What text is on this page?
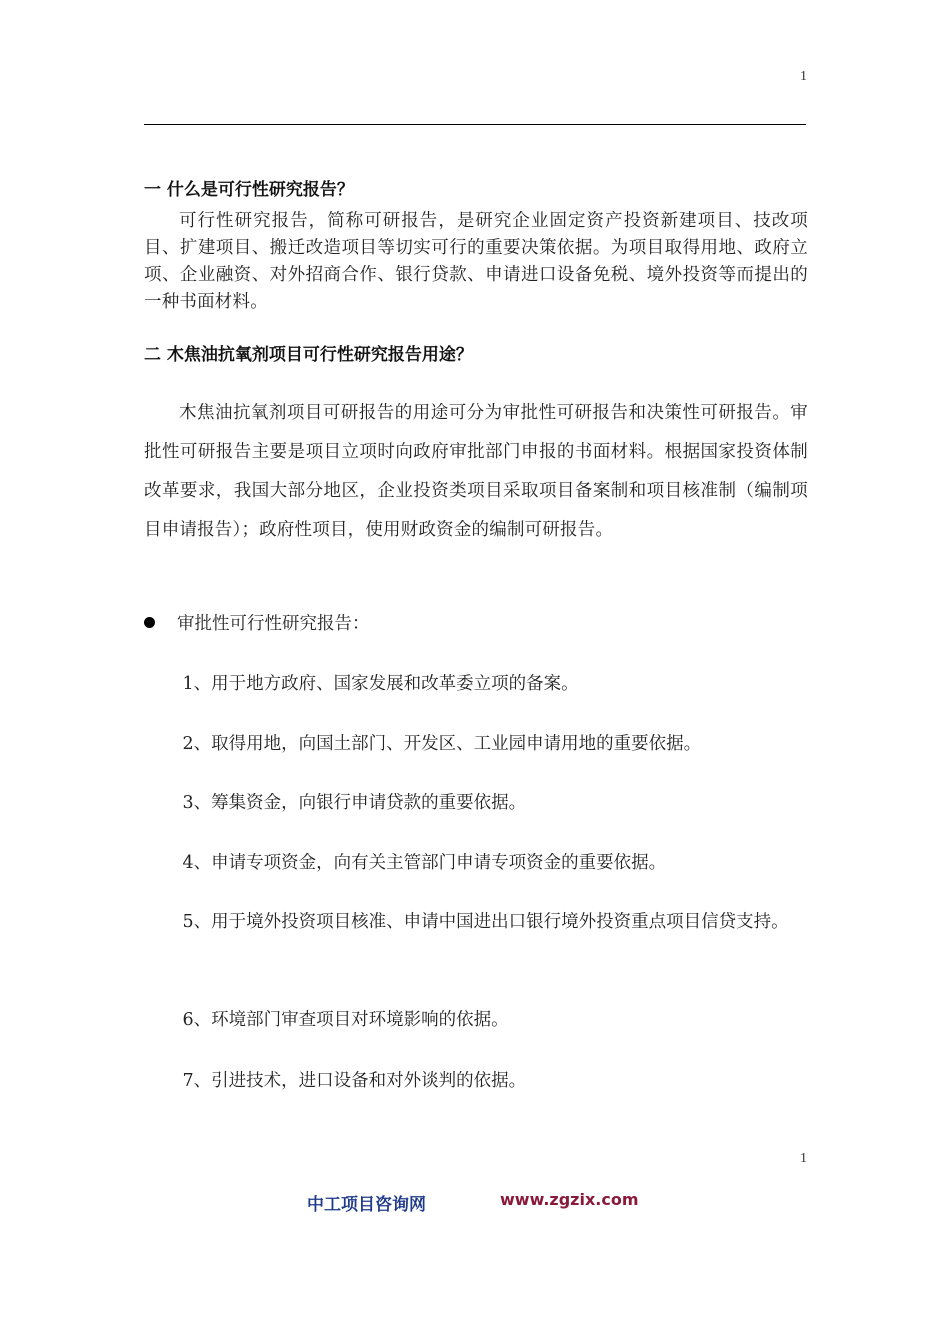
1
一 什么是可行性研究报告？
可行性研究报告，简称可研报告，是研究企业固定资产投资新建项目、技改项目、扩建项目、搬迁改造项目等切实可行的重要决策依据。为项目取得用地、政府立项、企业融资、对外招商合作、银行贷款、申请进口设备免税、境外投资等而提出的一种书面材料。
二 木焦油抗氧剂项目可行性研究报告用途？
木焦油抗氧剂项目可研报告的用途可分为审批性可研报告和决策性可研报告。审批性可研报告主要是项目立项时向政府审批部门申报的书面材料。根据国家投资体制改革要求，我国大部分地区，企业投资类项目采取项目备案制和项目核准制（编制项目申请报告）；政府性项目，使用财政资金的编制可研报告。
审批性可行性研究报告：
1、用于地方政府、国家发展和改革委立项的备案。
2、取得用地，向国土部门、开发区、工业园申请用地的重要依据。
3、筹集资金，向银行申请贷款的重要依据。
4、申请专项资金，向有关主管部门申请专项资金的重要依据。
5、用于境外投资项目核准、申请中国进出口银行境外投资重点项目信贷支持。
6、环境部门审查项目对环境影响的依据。
7、引进技术，进口设备和对外谈判的依据。
1
中工项目咨询网	www.zgzix.com
